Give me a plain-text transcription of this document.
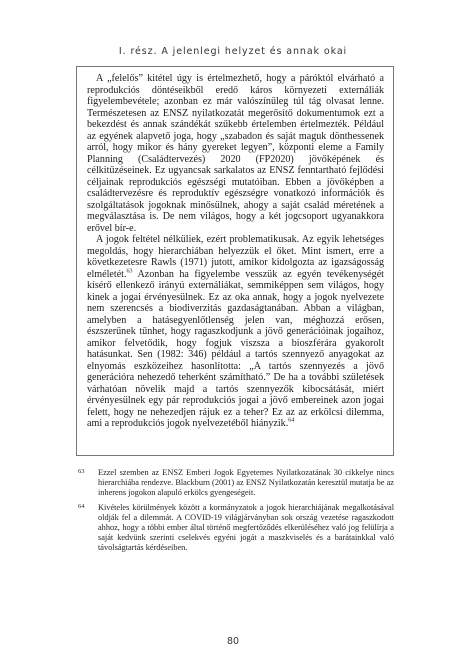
I. rész. A jelenlegi helyzet és annak okai

A „felelős” kitétel úgy is értelmezhető, hogy a páróktól elvárható a reprodukciós döntéseikből eredő káros környezeti externáliák figyelembevétele; azonban ez már valószínűleg túl tág olvasat lenne. Természetesen az ENSZ nyilatkozatát megerősítő dokumentumok ezt a bekezdést és annak szándékát szűkebb értelemben értelmezték. Például az egyének alapvető joga, hogy „szabadon és saját maguk dönthessenek arról, hogy mikor és hány gyereket legyen”, központi eleme a Family Planning (Családtervezés) 2020 (FP2020) jövőképének és célkitűzéseinek. Ez ugyancsak sarkalatos az ENSZ fenntartható fejlődési céljainak reprodukciós egészségi mutatóiban. Ebben a jövőképben a családtervezésre és reproduktív egészségre vonatkozó információk és szolgáltatások jogoknak minősülnek, ahogy a saját család méretének a megválasztása is. De nem világos, hogy a két jogcsoport ugyanakkora erővel bír-e.

A jogok feltétel nélküliek, ezért problematikusak. Az egyik lehetséges megoldás, hogy hierarchiában helyezzük el őket. Mint ismert, erre a következetesre Rawls (1971) jutott, amikor kidolgozta az igazságosság elméletét.$^{63}$ Azonban ha figyelembe vesszük az egyén tevékenységét kísérő ellenkező irányú externáliákat, semmiképpen sem világos, hogy kinek a jogai érvényesülnek. Ez az oka annak, hogy a jogok nyelvezete nem szerencsés a biodiverzitás gazdaságtanában. Abban a világban, amelyben a hatásegyenlőtlenség jelen van, méghozzá erősen, észszerűnek tűnhet, hogy ragaszkodjunk a jövő generációinak jogaihoz, amikor felvetődik, hogy fogjuk viszsza a bioszférára gyakorolt hatásunkat. Sen (1982: 346) például a tartós szennyező anyagokat az elnyomás eszközeihez hasonlította: „A tartós szennyezés a jövő generációra nehezedő teherként számítható.” De ha a további születések várhatóan növelik majd a tartós szennyezők kibocsátását, miért érvényesülnek egy pár reprodukciós jogai a jövő embereinek azon jogai felett, hogy ne nehezedjen rájuk ez a teher? Ez az az erkölcsi dilemma, ami a reprodukciós jogok nyelvezetéből hiányzik.$^{64}$

63 Ezzel szemben az ENSZ Emberi Jogok Egyetemes Nyilatkozatának 30 cikkelye nincs hierarchiába rendezve. Blackburn (2001) az ENSZ Nyilatkozatán keresztül mutatja be az inherens jogokon alapuló erkölcs gyengeségeit.
64 Kivételes körülmények között a kormányzatok a jogok hierarchiájának megalkotásával oldják fel a dilemmát. A COVID-19 világjárványban sok ország vezetése ragaszkodott ahhoz, hogy a többi ember által történő megfertőződés elkerüléséhez való jog felülírja a saját kedvünk szerinti cselekvés egyéni jogát a maszkviselés és a barátainkkal való távolságtartás kérdéseiben.
80
